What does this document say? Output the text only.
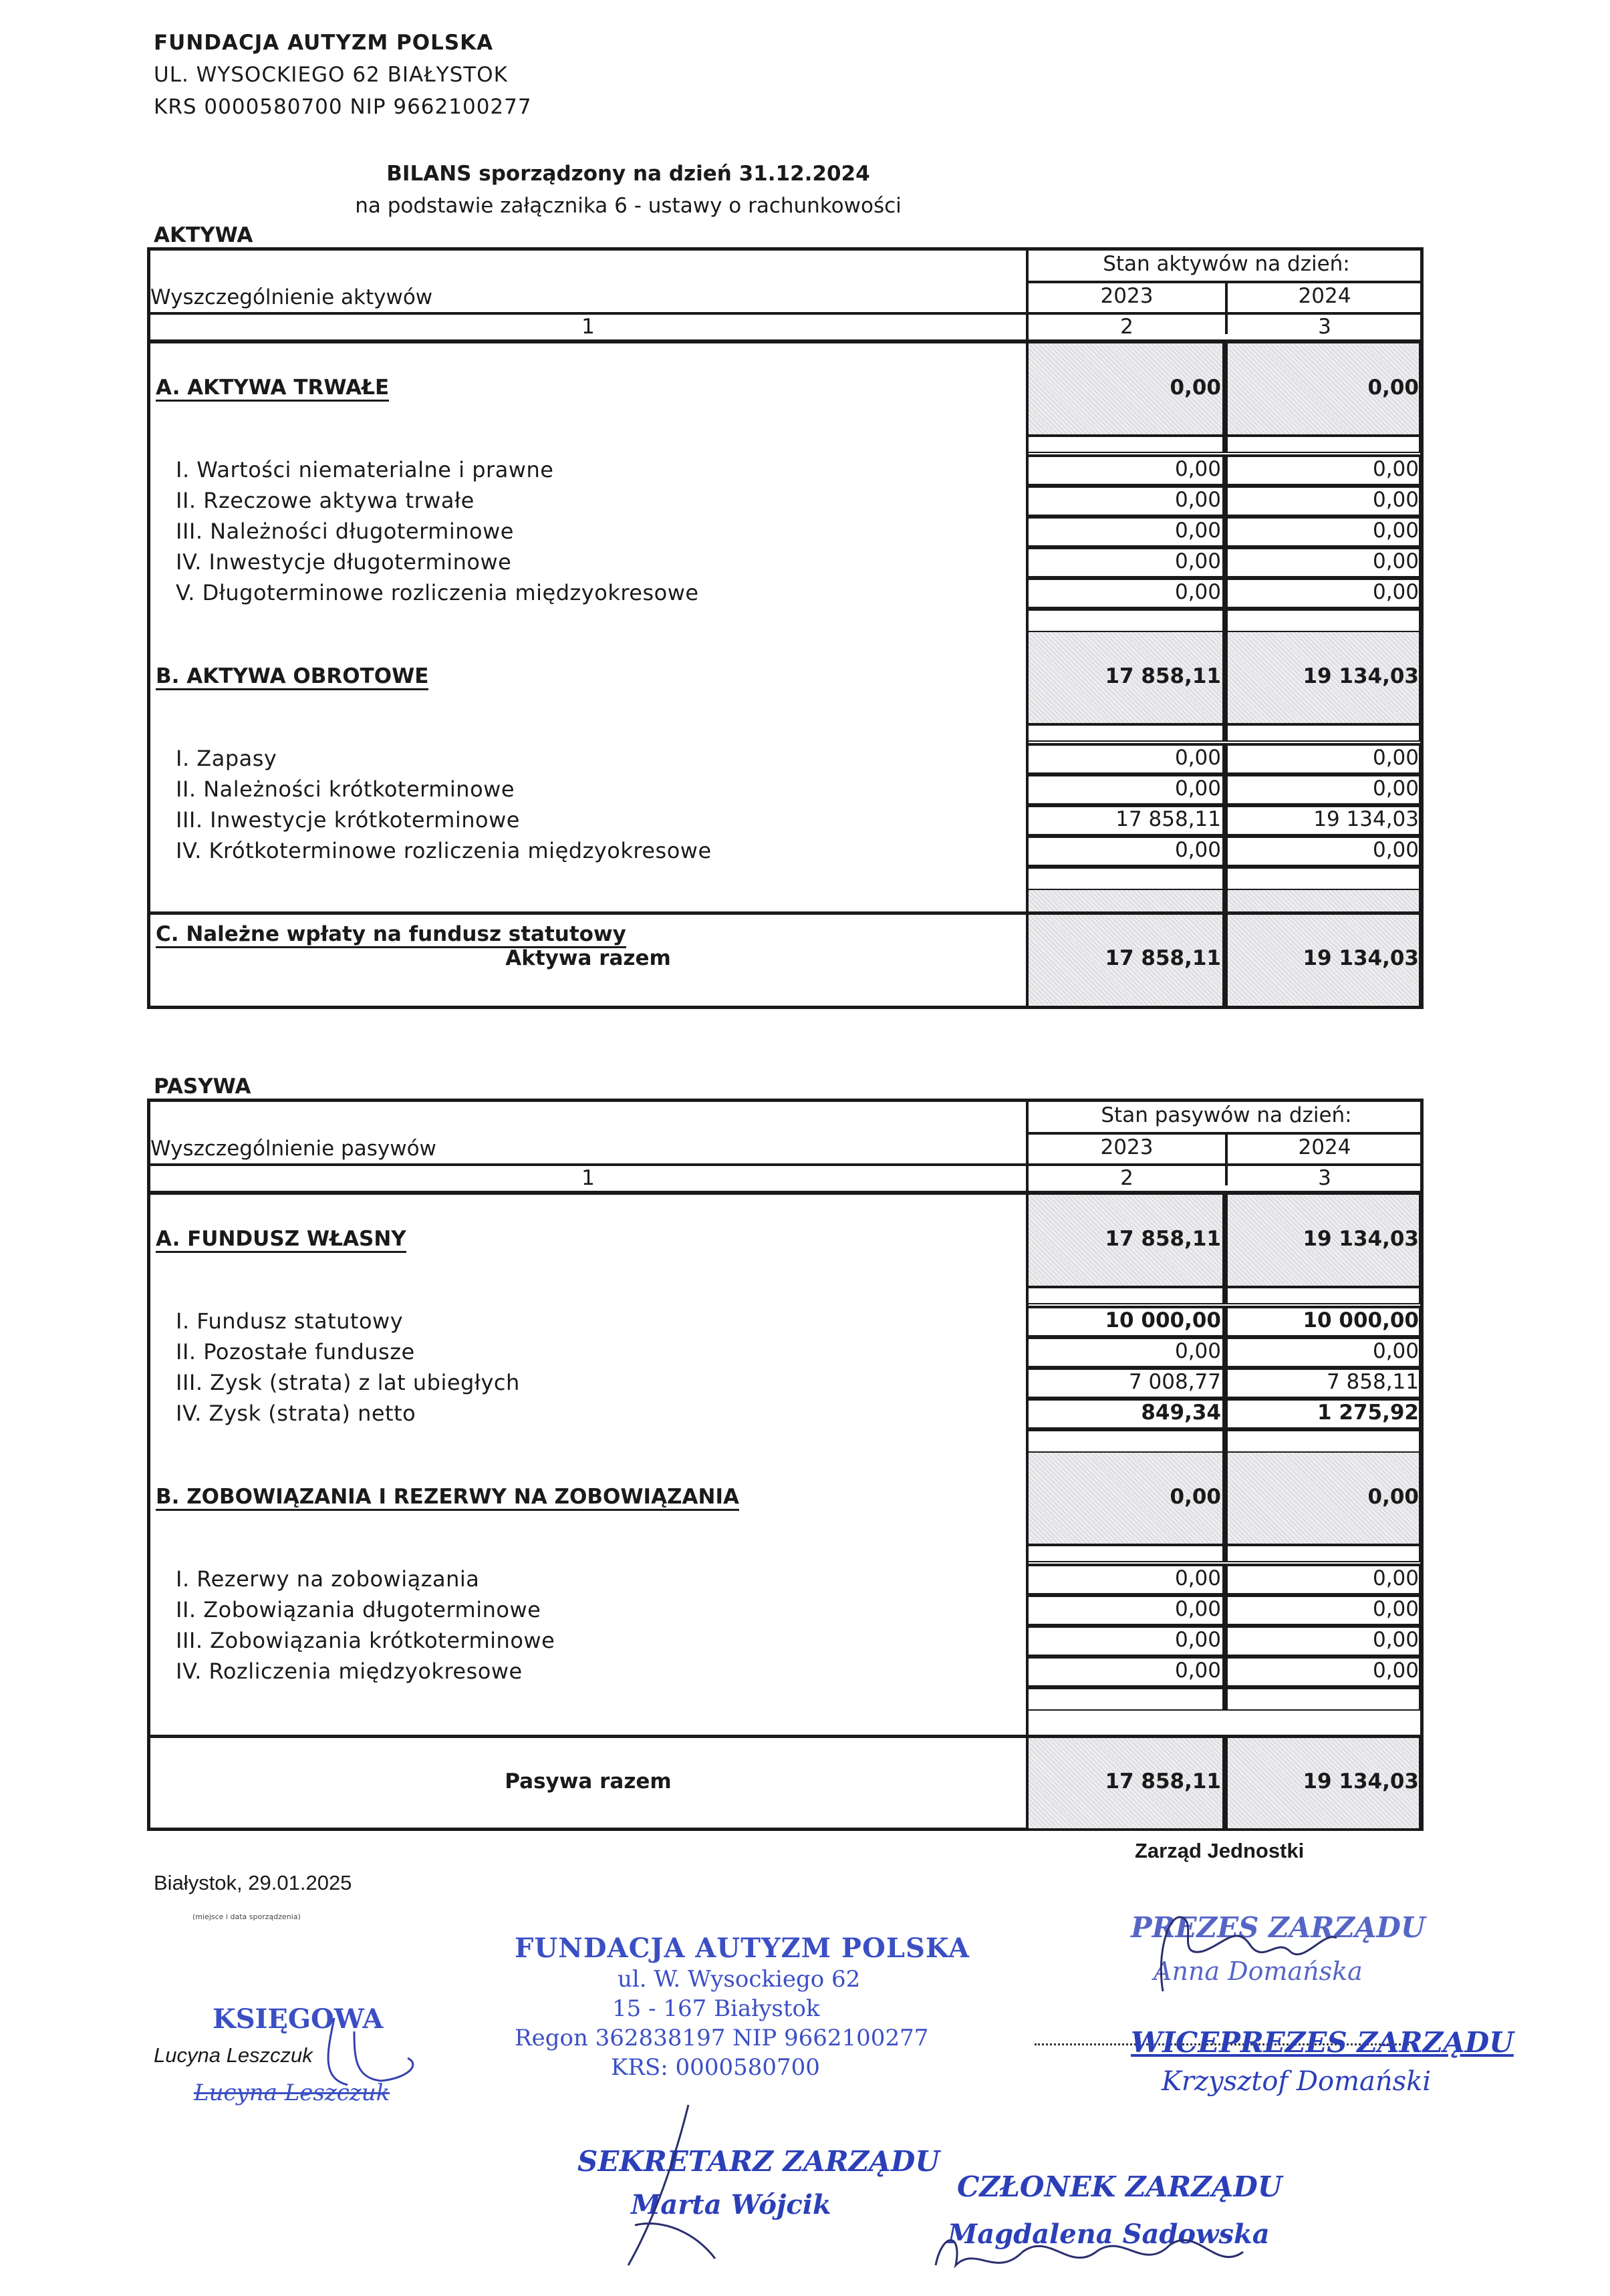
FUNDACJA AUTYZM POLSKA
UL. WYSOCKIEGO 62 BIAŁYSTOK
KRS 0000580700 NIP 9662100277
BILANS sporządzony na dzień 31.12.2024
na podstawie załącznika 6 - ustawy o rachunkowości
AKTYWA
Stan aktywów na dzień:
Wyszczególnienie aktywów	2023	2024
1	2	3
A. AKTYWA TRWAŁE	0,00	0,00
I. Wartości niematerialne i prawne	0,00	0,00
II. Rzeczowe aktywa trwałe	0,00	0,00
III. Należności długoterminowe	0,00	0,00
IV. Inwestycje długoterminowe	0,00	0,00
V. Długoterminowe rozliczenia międzyokresowe	0,00	0,00
B. AKTYWA OBROTOWE	17 858,11	19 134,03
I. Zapasy	0,00	0,00
II. Należności krótkoterminowe	0,00	0,00
III. Inwestycje krótkoterminowe	17 858,11	19 134,03
IV. Krótkoterminowe rozliczenia międzyokresowe	0,00	0,00
C. Należne wpłaty na fundusz statutowy
Aktywa razem	17 858,11	19 134,03
PASYWA
Stan pasywów na dzień:
Wyszczególnienie pasywów	2023	2024
1	2	3
A. FUNDUSZ WŁASNY	17 858,11	19 134,03
I. Fundusz statutowy	10 000,00	10 000,00
II. Pozostałe fundusze	0,00	0,00
III. Zysk (strata) z lat ubiegłych	7 008,77	7 858,11
IV. Zysk (strata) netto	849,34	1 275,92
B. ZOBOWIĄZANIA I REZERWY NA ZOBOWIĄZANIA	0,00	0,00
I. Rezerwy na zobowiązania	0,00	0,00
II. Zobowiązania długoterminowe	0,00	0,00
III. Zobowiązania krótkoterminowe	0,00	0,00
IV. Rozliczenia międzyokresowe	0,00	0,00
Pasywa razem	17 858,11	19 134,03
Zarząd Jednostki
Białystok, 29.01.2025
(miejsce i data sporządzenia)
KSIĘGOWA
Lucyna Leszczuk
Lucyna Leszczuk
FUNDACJA AUTYZM POLSKA
ul. W. Wysockiego 62
15 - 167 Białystok
Regon 362838197 NIP 9662100277
KRS: 0000580700
PREZES ZARZĄDU
Anna Domańska
WICEPREZES ZARZĄDU
Krzysztof Domański
SEKRETARZ ZARZĄDU
Marta Wójcik
CZŁONEK ZARZĄDU
Magdalena Sadowska
